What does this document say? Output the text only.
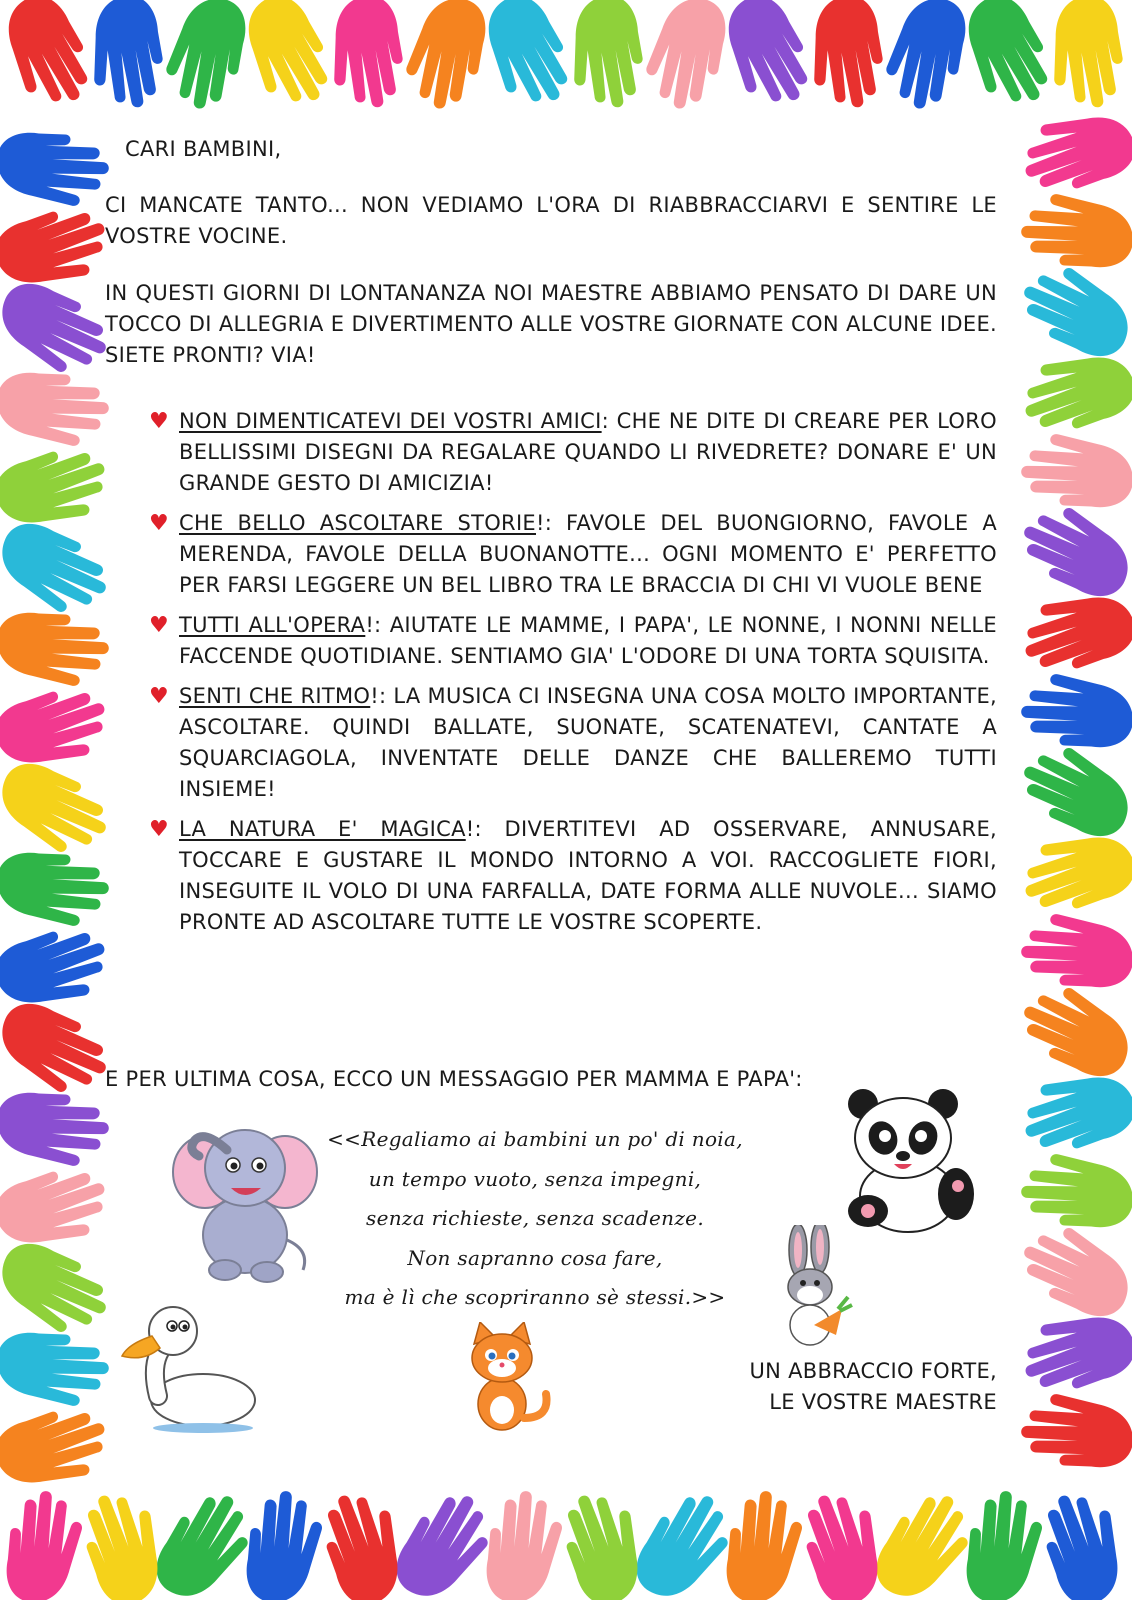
CARI BAMBINI,
CI MANCATE TANTO... NON VEDIAMO L'ORA DI RIABBRACCIARVI E SENTIRE LE VOSTRE VOCINE.
IN QUESTI GIORNI DI LONTANANZA NOI MAESTRE ABBIAMO PENSATO DI DARE UN TOCCO DI ALLEGRIA E DIVERTIMENTO ALLE VOSTRE GIORNATE CON ALCUNE IDEE. SIETE PRONTI? VIA!
♥ NON DIMENTICATEVI DEI VOSTRI AMICI: CHE NE DITE DI CREARE PER LORO BELLISSIMI DISEGNI DA REGALARE QUANDO LI RIVEDRETE? DONARE E' UN GRANDE GESTO DI AMICIZIA!
♥ CHE BELLO ASCOLTARE STORIE!: FAVOLE DEL BUONGIORNO, FAVOLE A MERENDA, FAVOLE DELLA BUONANOTTE... OGNI MOMENTO E' PERFETTO PER FARSI LEGGERE UN BEL LIBRO TRA LE BRACCIA DI CHI VI VUOLE BENE
♥ TUTTI ALL'OPERA!: AIUTATE LE MAMME, I PAPA', LE NONNE, I NONNI NELLE FACCENDE QUOTIDIANE. SENTIAMO GIA' L'ODORE DI UNA TORTA SQUISITA.
♥ SENTI CHE RITMO!: LA MUSICA CI INSEGNA UNA COSA MOLTO IMPORTANTE, ASCOLTARE. QUINDI BALLATE, SUONATE, SCATENATEVI, CANTATE A SQUARCIAGOLA, INVENTATE DELLE DANZE CHE BALLEREMO TUTTI INSIEME!
♥ LA NATURA E' MAGICA!: DIVERTITEVI AD OSSERVARE, ANNUSARE, TOCCARE E GUSTARE IL MONDO INTORNO A VOI. RACCOGLIETE FIORI, INSEGUITE IL VOLO DI UNA FARFALLA, DATE FORMA ALLE NUVOLE... SIAMO PRONTE AD ASCOLTARE TUTTE LE VOSTRE SCOPERTE.
E PER ULTIMA COSA, ECCO UN MESSAGGIO PER MAMMA E PAPA':
<<Regaliamo ai bambini un po' di noia,
un tempo vuoto, senza impegni,
senza richieste, senza scadenze.
Non sapranno cosa fare,
ma è lì che scopriranno sè stessi.>>
UN ABBRACCIO FORTE,
LE VOSTRE MAESTRE
